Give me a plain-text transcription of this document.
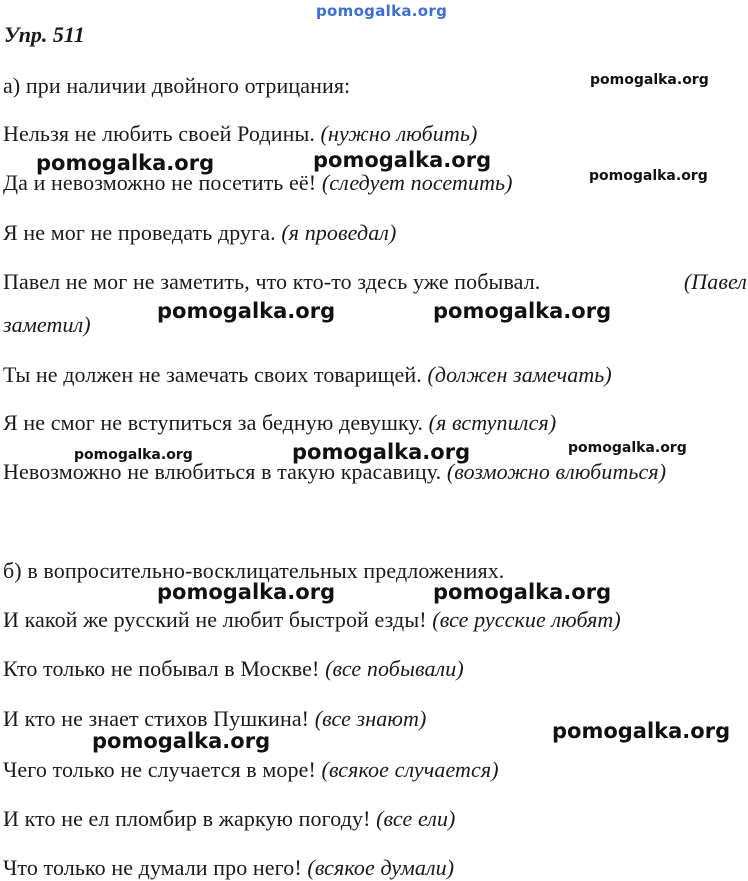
pomogalka.org
Упр. 511
а) при наличии двойного отрицания:
Нельзя не любить своей Родины. (нужно любить)
Да и невозможно не посетить её! (следует посетить)
Я не мог не проведать друга. (я проведал)
Павел не мог не заметить, что кто-то здесь уже побывал.	(Павел
заметил)
Ты не должен не замечать своих товарищей. (должен замечать)
Я не смог не вступиться за бедную девушку. (я вступился)
Невозможно не влюбиться в такую красавицу. (возможно влюбиться)
б) в вопросительно-восклицательных предложениях.
И какой же русский не любит быстрой езды! (все русские любят)
Кто только не побывал в Москве! (все побывали)
И кто не знает стихов Пушкина! (все знают)
Чего только не случается в море! (всякое случается)
И кто не ел пломбир в жаркую погоду! (все ели)
Что только не думали про него! (всякое думали)
pomogalka.org
pomogalka.org	pomogalka.org
pomogalka.org
pomogalka.org	pomogalka.org
pomogalka.org
pomogalka.org	pomogalka.org
pomogalka.org	pomogalka.org
pomogalka.org
pomogalka.org
